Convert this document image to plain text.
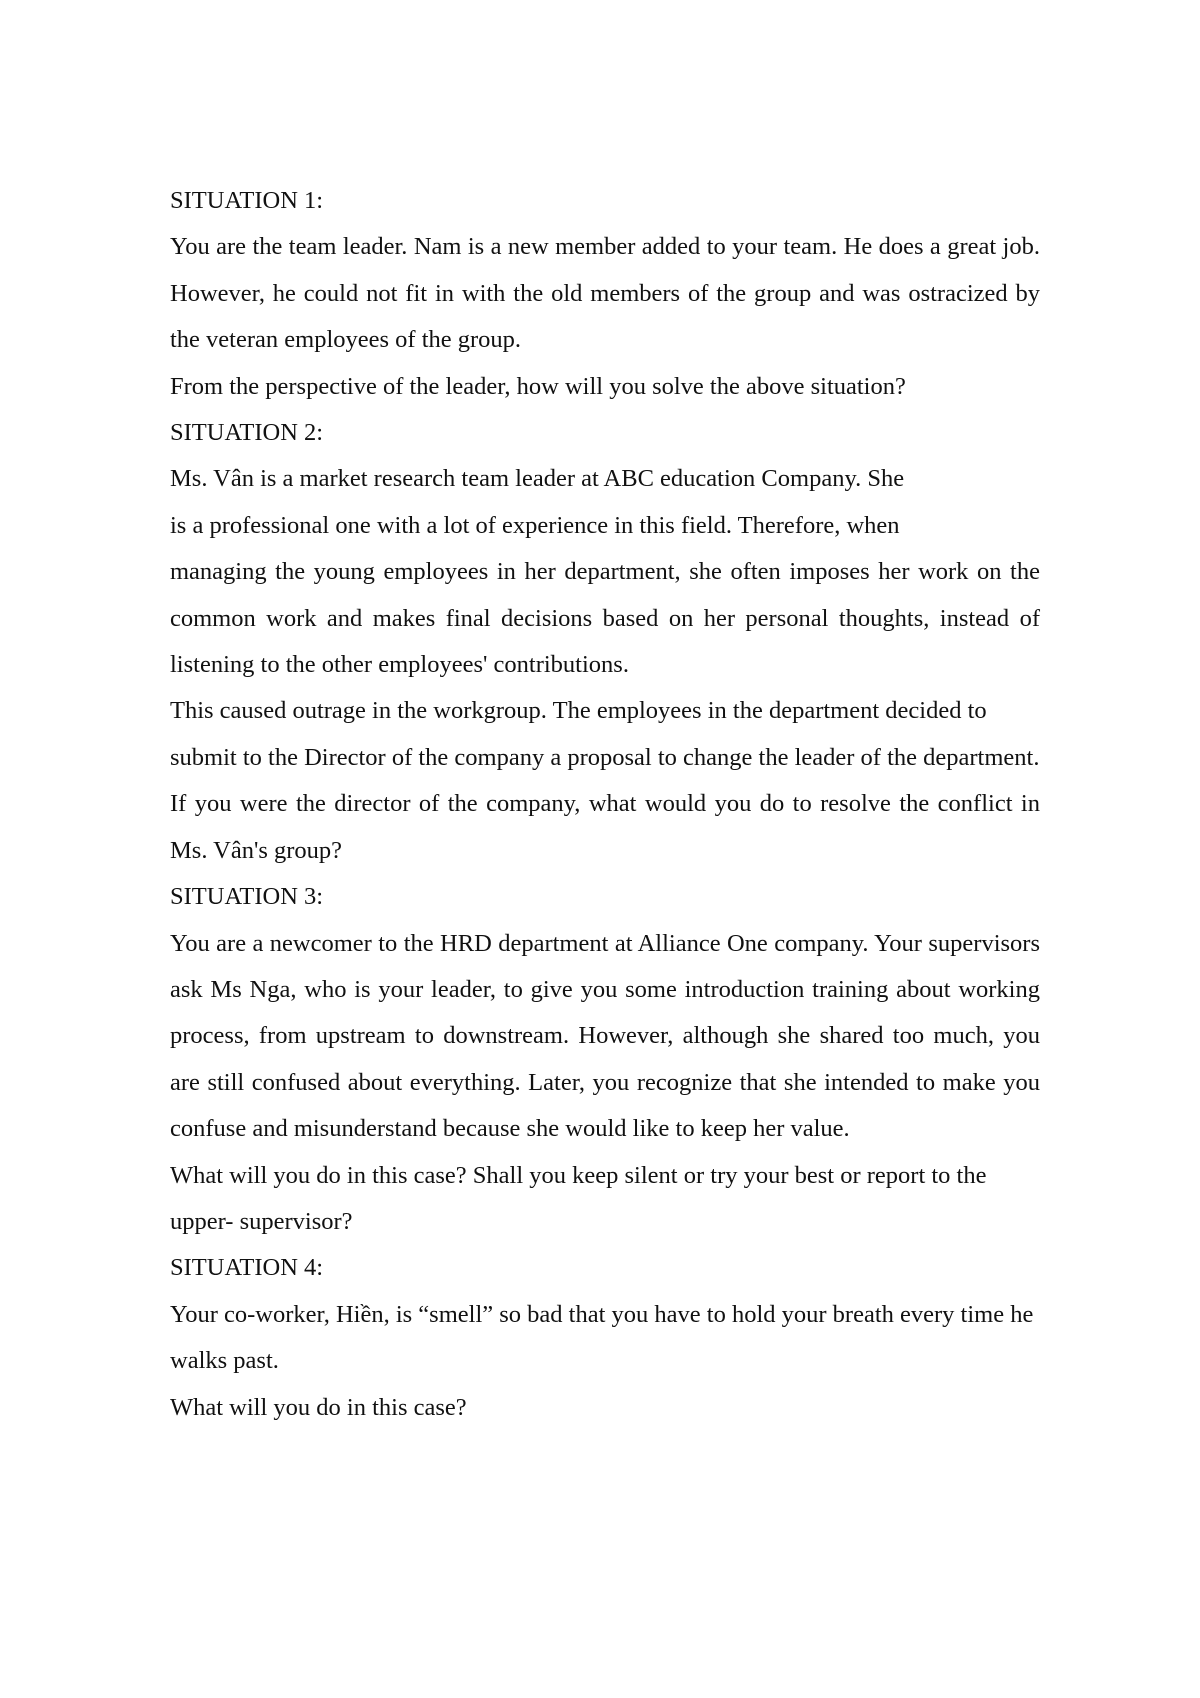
SITUATION 1:

You are the team leader. Nam is a new member added to your team. He does a great job. However, he could not fit in with the old members of the group and was ostracized by the veteran employees of the group.

From the perspective of the leader, how will you solve the above situation?

SITUATION 2:

Ms. Vân is a market research team leader at ABC education Company. She
is a professional one with a lot of experience in this field. Therefore, when

managing the young employees in her department, she often imposes her work on the common work and makes final decisions based on her personal thoughts, instead of listening to the other employees' contributions.

This caused outrage in the workgroup. The employees in the department decided to submit to the Director of the company a proposal to change the leader of the department.

If you were the director of the company, what would you do to resolve the conflict in Ms. Vân's group?

SITUATION 3:

You are a newcomer to the HRD department at Alliance One company. Your supervisors ask Ms Nga, who is your leader, to give you some introduction training about working process, from upstream to downstream. However, although she shared too much, you are still confused about everything. Later, you recognize that she intended to make you confuse and misunderstand because she would like to keep her value.

What will you do in this case? Shall you keep silent or try your best or report to the upper- supervisor?

SITUATION 4:

Your co-worker, Hiền, is “smell” so bad that you have to hold your breath every time he walks past.

What will you do in this case?
